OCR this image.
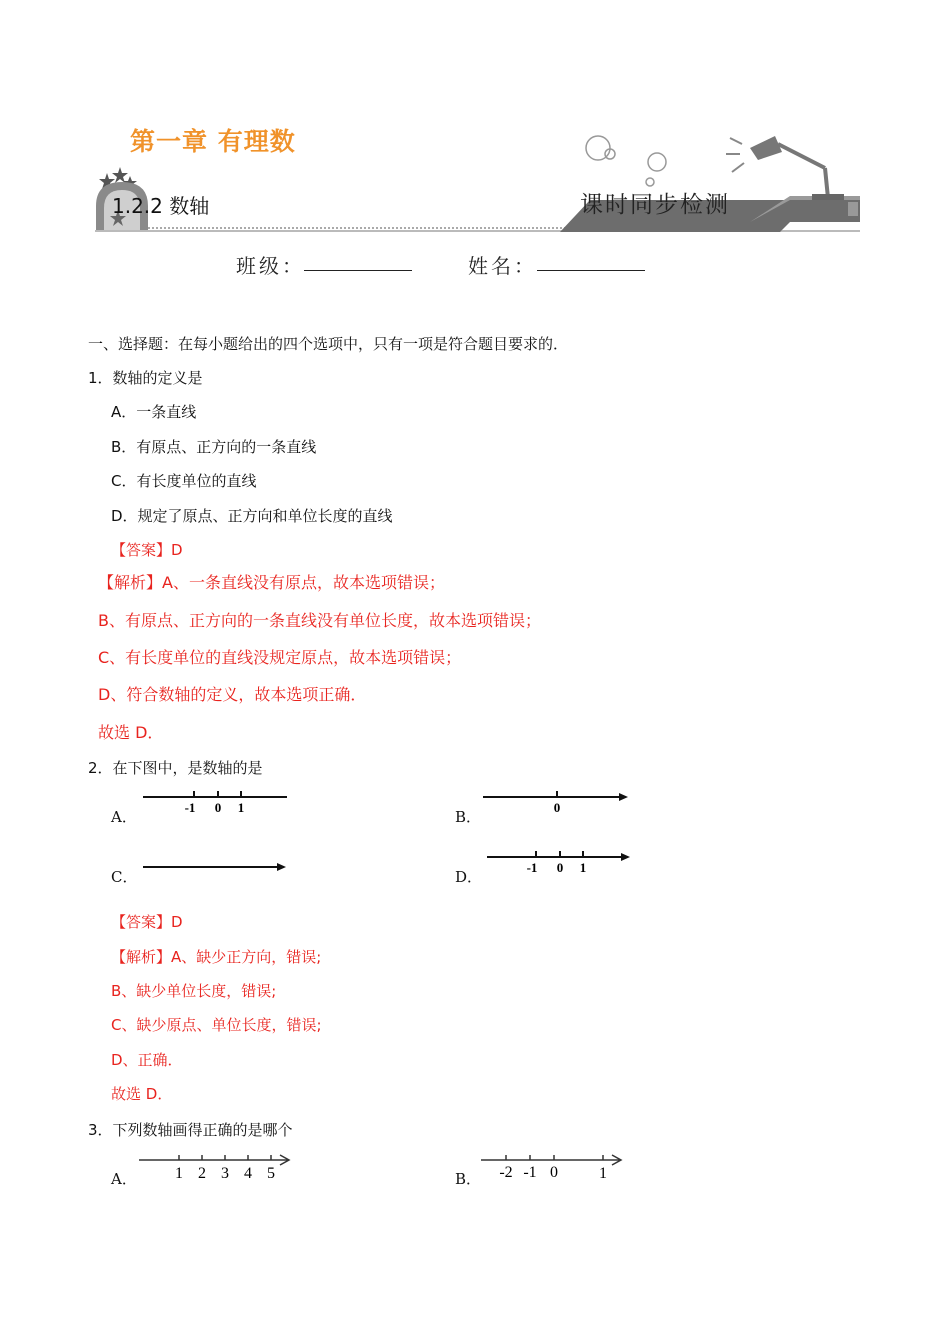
第一章 有理数
1.2.2 数轴	课时同步检测
班级：	姓名：
一、选择题：在每小题给出的四个选项中，只有一项是符合题目要求的．
1．数轴的定义是
A．一条直线
B．有原点、正方向的一条直线
C．有长度单位的直线
D．规定了原点、正方向和单位长度的直线
【答案】D
【解析】A、一条直线没有原点，故本选项错误；
B、有原点、正方向的一条直线没有单位长度，故本选项错误；
C、有长度单位的直线没规定原点，故本选项错误；
D、符合数轴的定义，故本选项正确．
故选 D．
2．在下图中，是数轴的是
A．
-1 0 1
B．
0
C．	D．
-1 0 1
【答案】D
【解析】A、缺少正方向，错误;
B、缺少单位长度，错误;
C、缺少原点、单位长度，错误;
D、正确．
故选 D．
3．下列数轴画得正确的是哪个
A． 1 2 3 4 5	B． -2 -1 0	1
